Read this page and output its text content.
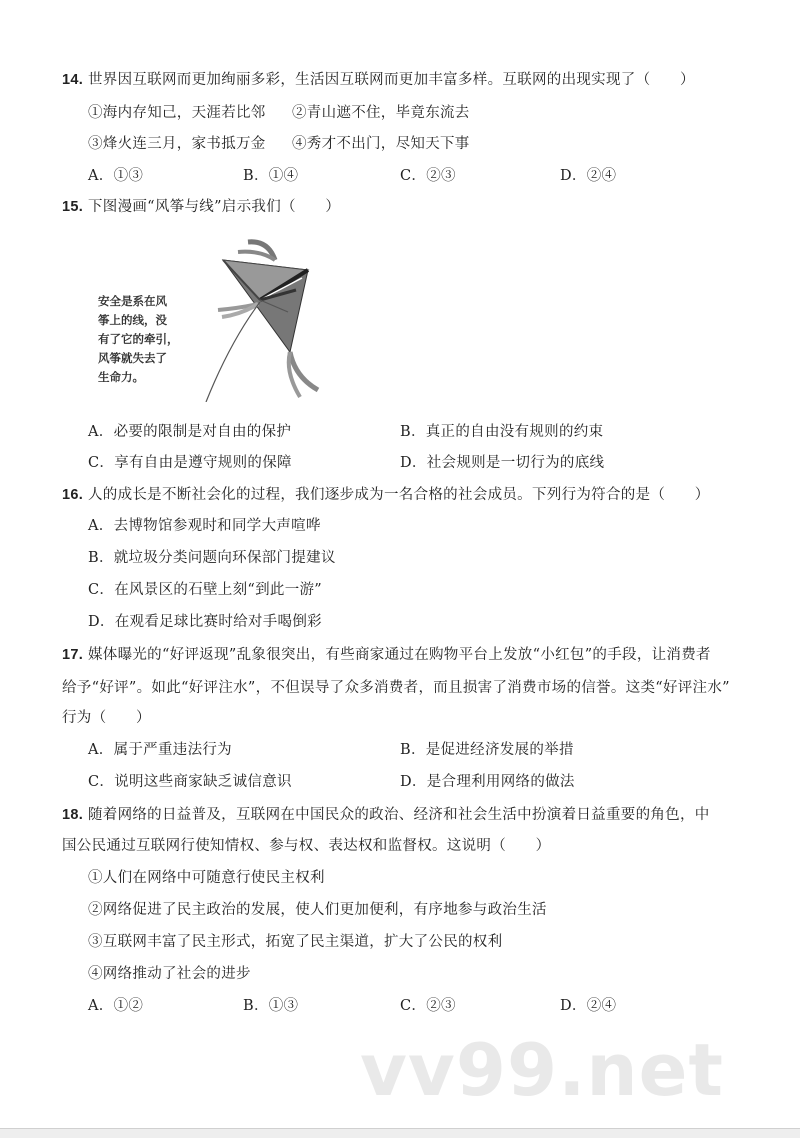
14. 世界因互联网而更加绚丽多彩，生活因互联网而更加丰富多样。互联网的出现实现了（　　）
①海内存知己，天涯若比邻 ②青山遮不住，毕竟东流去
③烽火连三月，家书抵万金 ④秀才不出门，尽知天下事
A．①③	B．①④	C．②③	D．②④
15. 下图漫画“风筝与线”启示我们（　　）
安全是系在风
筝上的线，没
有了它的牵引，
风筝就失去了
生命力。
A．必要的限制是对自由的保护	B．真正的自由没有规则的约束
C．享有自由是遵守规则的保障	D．社会规则是一切行为的底线
16. 人的成长是不断社会化的过程，我们逐步成为一名合格的社会成员。下列行为符合的是（　　）
A．去博物馆参观时和同学大声喧哗
B．就垃圾分类问题向环保部门提建议
C．在风景区的石壁上刻“到此一游”
D．在观看足球比赛时给对手喝倒彩
17. 媒体曝光的“好评返现”乱象很突出，有些商家通过在购物平台上发放“小红包”的手段，让消费者
给予“好评”。如此“好评注水”，不但误导了众多消费者，而且损害了消费市场的信誉。这类“好评注水”
行为（　　）
A．属于严重违法行为	B．是促进经济发展的举措
C．说明这些商家缺乏诚信意识	D．是合理利用网络的做法
18. 随着网络的日益普及，互联网在中国民众的政治、经济和社会生活中扮演着日益重要的角色，中
国公民通过互联网行使知情权、参与权、表达权和监督权。这说明（　　）
①人们在网络中可随意行使民主权利
②网络促进了民主政治的发展，使人们更加便利，有序地参与政治生活
③互联网丰富了民主形式，拓宽了民主渠道，扩大了公民的权利
④网络推动了社会的进步
A．①②	B．①③	C．②③	D．②④
vv99.net
